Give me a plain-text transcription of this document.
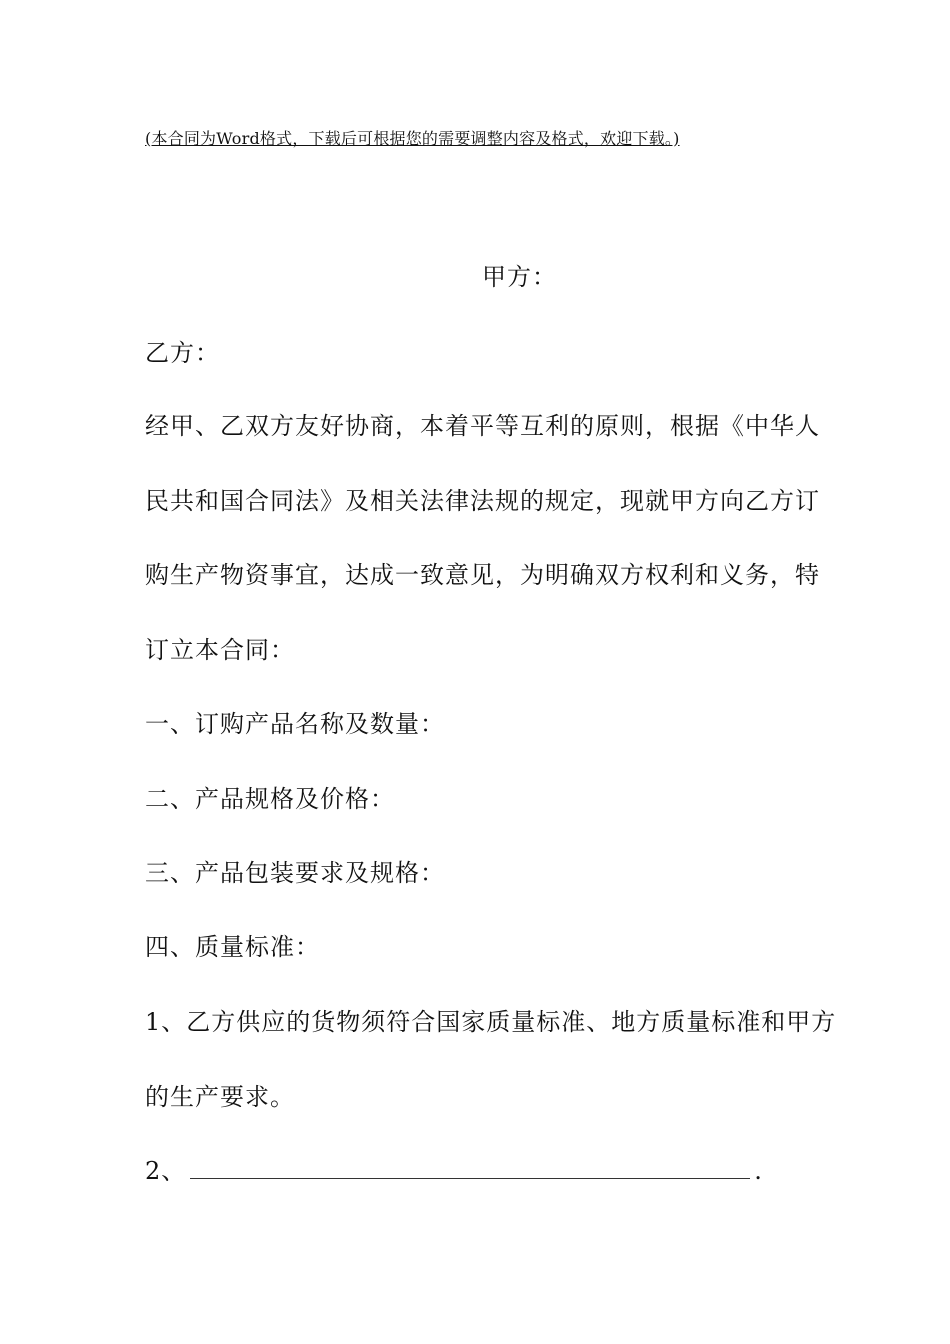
(本合同为Word格式，下载后可根据您的需要调整内容及格式，欢迎下载。)
甲方：
乙方：
经甲、乙双方友好协商，本着平等互利的原则，根据《中华人
民共和国合同法》及相关法律法规的规定，现就甲方向乙方订
购生产物资事宜，达成一致意见，为明确双方权利和义务，特
订立本合同：
一、订购产品名称及数量：
二、产品规格及价格：
三、产品包装要求及规格：
四、质量标准：
1、乙方供应的货物须符合国家质量标准、地方质量标准和甲方
的生产要求。
2、	.
